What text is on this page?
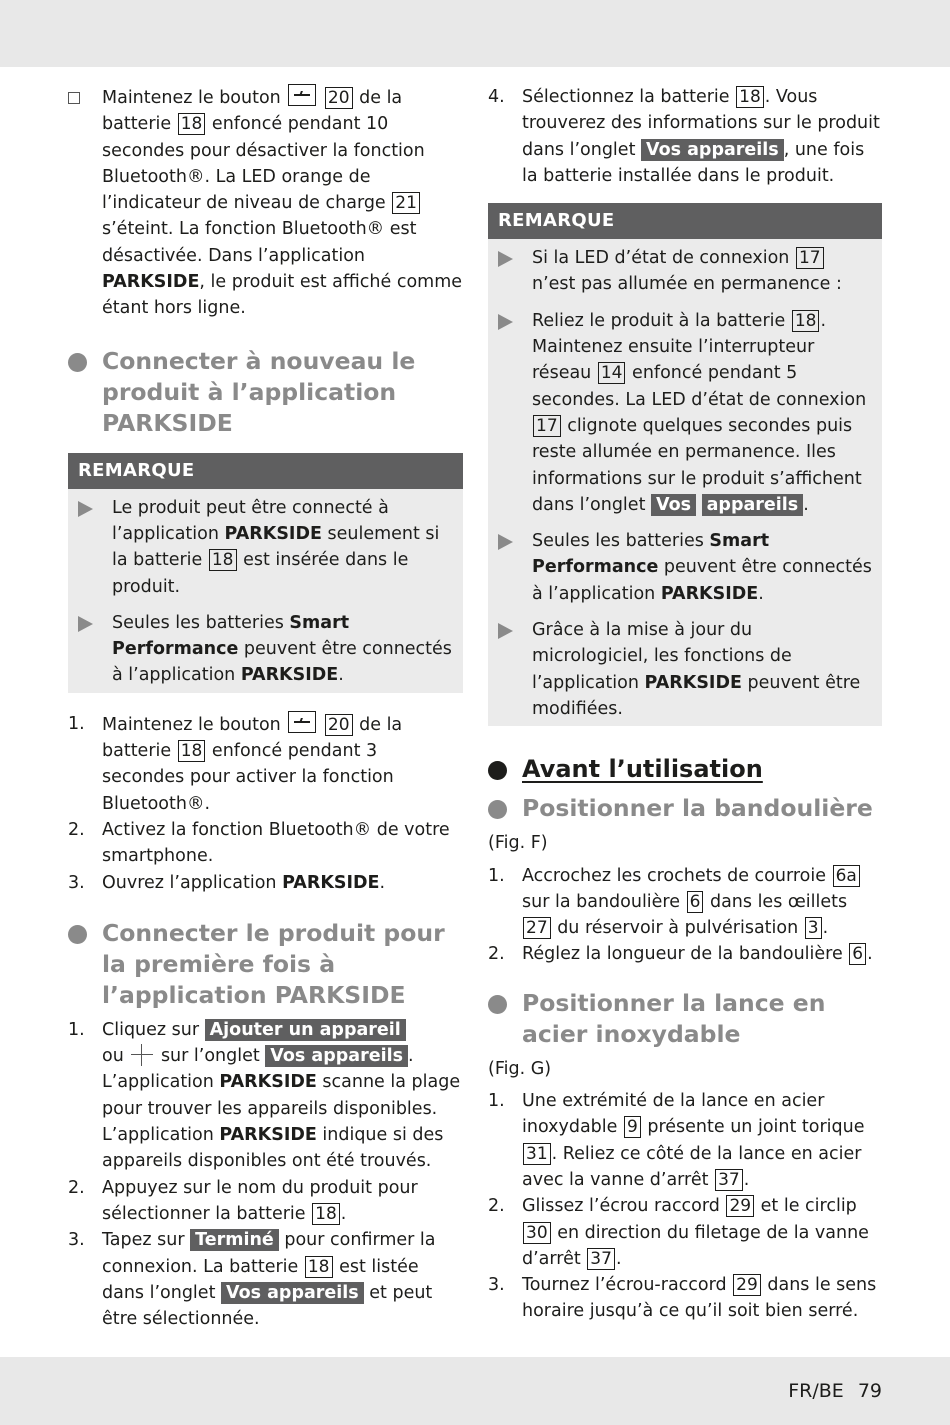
Maintenez le bouton  20 de la batterie 18 enfoncé pendant 10 secondes pour désactiver la fonction Bluetooth®. La LED orange de l’indicateur de niveau de charge 21 s’éteint. La fonction Bluetooth® est désactivée. Dans l’application PARKSIDE, le produit est affiché comme étant hors ligne.

Connecter à nouveau le produit à l’application PARKSIDE
REMARQUE
Le produit peut être connecté à l’application PARKSIDE seulement si la batterie 18 est insérée dans le produit.
Seules les batteries Smart Performance peuvent être connectés à l’application PARKSIDE.
1. Maintenez le bouton  20 de la batterie 18 enfoncé pendant 3 secondes pour activer la fonction Bluetooth®.
2. Activez la fonction Bluetooth® de votre smartphone.
3. Ouvrez l’application PARKSIDE.
Connecter le produit pour la première fois à l’application PARKSIDE
1. Cliquez sur Ajouter un appareil
ou  sur l’onglet Vos appareils . L’application PARKSIDE scanne la plage pour trouver les appareils disponibles. L’application PARKSIDE indique si des appareils disponibles ont été trouvés.
2. Appuyez sur le nom du produit pour sélectionner la batterie 18 .
3. Tapez sur Terminé pour confirmer la connexion. La batterie 18 est listée dans l’onglet Vos appareils et peut être sélectionnée.
4. Sélectionnez la batterie 18 . Vous trouverez des informations sur le produit dans l’onglet Vos appareils , une fois la batterie installée dans le produit.
REMARQUE
Si la LED d’état de connexion 17 n’est pas allumée en permanence :
Reliez le produit à la batterie 18 . Maintenez ensuite l’interrupteur réseau 14 enfoncé pendant 5 secondes. La LED d’état de connexion 17 clignote quelques secondes puis reste allumée en permanence. Iles informations sur le produit s’affichent dans l’onglet Vos appareils .
Seules les batteries Smart Performance peuvent être connectés à l’application PARKSIDE.
Grâce à la mise à jour du micrologiciel, les fonctions de l’application PARKSIDE peuvent être modifiées.
Avant l’utilisation
Positionner la bandoulière
(Fig. F)
1. Accrochez les crochets de courroie 6a sur la bandoulière 6 dans les œillets 27 du réservoir à pulvérisation 3 .
2. Réglez la longueur de la bandoulière 6 .
Positionner la lance en acier inoxydable
(Fig. G)
1. Une extrémité de la lance en acier inoxydable 9 présente un joint torique 31 . Reliez ce côté de la lance en acier avec la vanne d’arrêt 37 .
2. Glissez l’écrou raccord 29 et le circlip 30 en direction du filetage de la vanne d’arrêt 37 .
3. Tournez l’écrou-raccord 29 dans le sens horaire jusqu’à ce qu’il soit bien serré.
FR/BE 79
